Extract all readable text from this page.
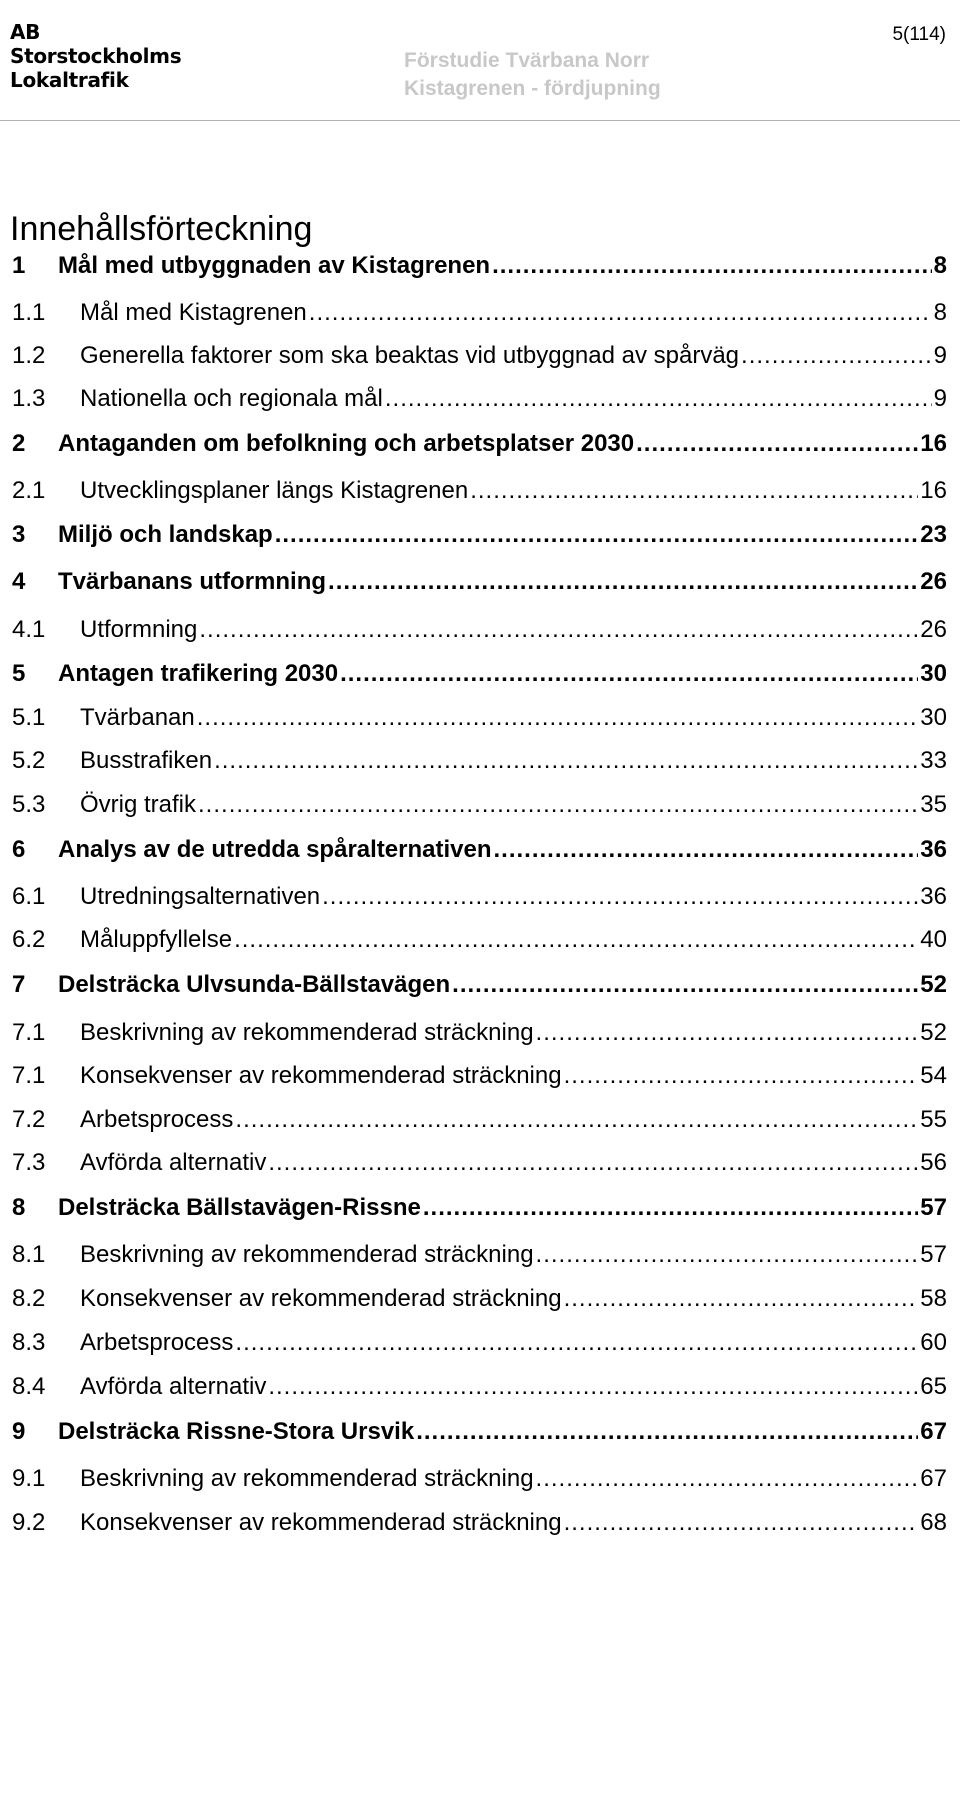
AB
Storstockholms
Lokaltrafik
Förstudie Tvärbana Norr
Kistagrenen - fördjupning
5(114)
Innehållsförteckning
1	Mål med utbyggnaden av Kistagrenen .....	8
1.1	Mål med Kistagrenen .....	8
1.2	Generella faktorer som ska beaktas vid utbyggnad av spårväg .....	9
1.3	Nationella och regionala mål .....	9
2	Antaganden om befolkning och arbetsplatser 2030 .....	16
2.1	Utvecklingsplaner längs Kistagrenen .....	16
3	Miljö och landskap .....	23
4	Tvärbanans utformning .....	26
4.1	Utformning .....	26
5	Antagen trafikering 2030 .....	30
5.1	Tvärbanan .....	30
5.2	Busstrafiken .....	33
5.3	Övrig trafik .....	35
6	Analys av de utredda spåralternativen .....	36
6.1	Utredningsalternativen .....	36
6.2	Måluppfyllelse .....	40
7	Delsträcka Ulvsunda-Bällstavägen .....	52
7.1	Beskrivning av rekommenderad sträckning .....	52
7.1	Konsekvenser av rekommenderad sträckning .....	54
7.2	Arbetsprocess .....	55
7.3	Avförda alternativ .....	56
8	Delsträcka Bällstavägen-Rissne .....	57
8.1	Beskrivning av rekommenderad sträckning .....	57
8.2	Konsekvenser av rekommenderad sträckning .....	58
8.3	Arbetsprocess .....	60
8.4	Avförda alternativ .....	65
9	Delsträcka Rissne-Stora Ursvik .....	67
9.1	Beskrivning av rekommenderad sträckning .....	67
9.2	Konsekvenser av rekommenderad sträckning .....	68
